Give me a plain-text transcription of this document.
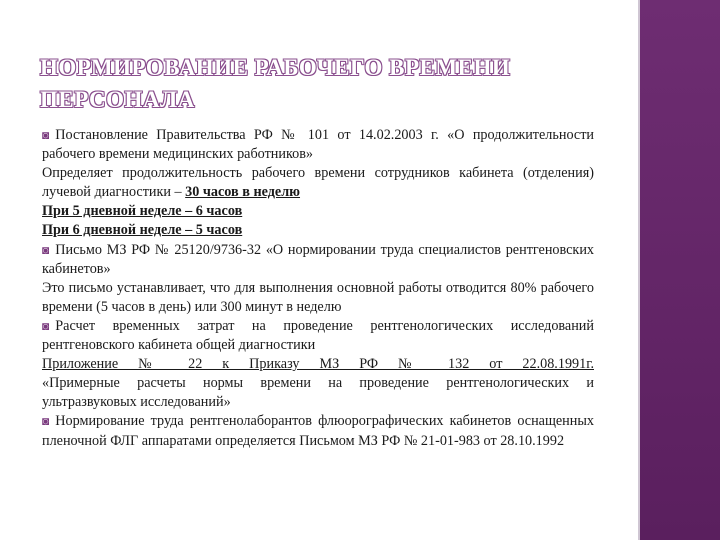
НОРМИРОВАНИЕ РАБОЧЕГО ВРЕМЕНИ ПЕРСОНАЛА

◙ Постановление Правительства РФ № 101 от 14.02.2003 г. «О продолжительности рабочего времени медицинских работников»

Определяет продолжительность рабочего времени сотрудников кабинета (отделения) лучевой диагностики – 30 часов в неделю

При 5 дневной неделе – 6 часов

При 6 дневной неделе – 5 часов

◙ Письмо МЗ РФ № 25120/9736-32 «О нормировании труда специалистов рентгеновских кабинетов»

Это письмо устанавливает, что для выполнения основной работы отводится 80% рабочего времени (5 часов в день) или 300 минут в неделю

◙ Расчет временных затрат на проведение рентгенологических исследований рентгеновского кабинета общей диагностики

Приложение № 22 к Приказу МЗ РФ № 132 от 22.08.1991г.

«Примерные расчеты нормы времени на проведение рентгенологических и ультразвуковых исследований»

◙ Нормирование труда рентгенолаборантов флюорографических кабинетов оснащенных пленочной ФЛГ аппаратами определяется Письмом МЗ РФ № 21-01-983 от 28.10.1992
